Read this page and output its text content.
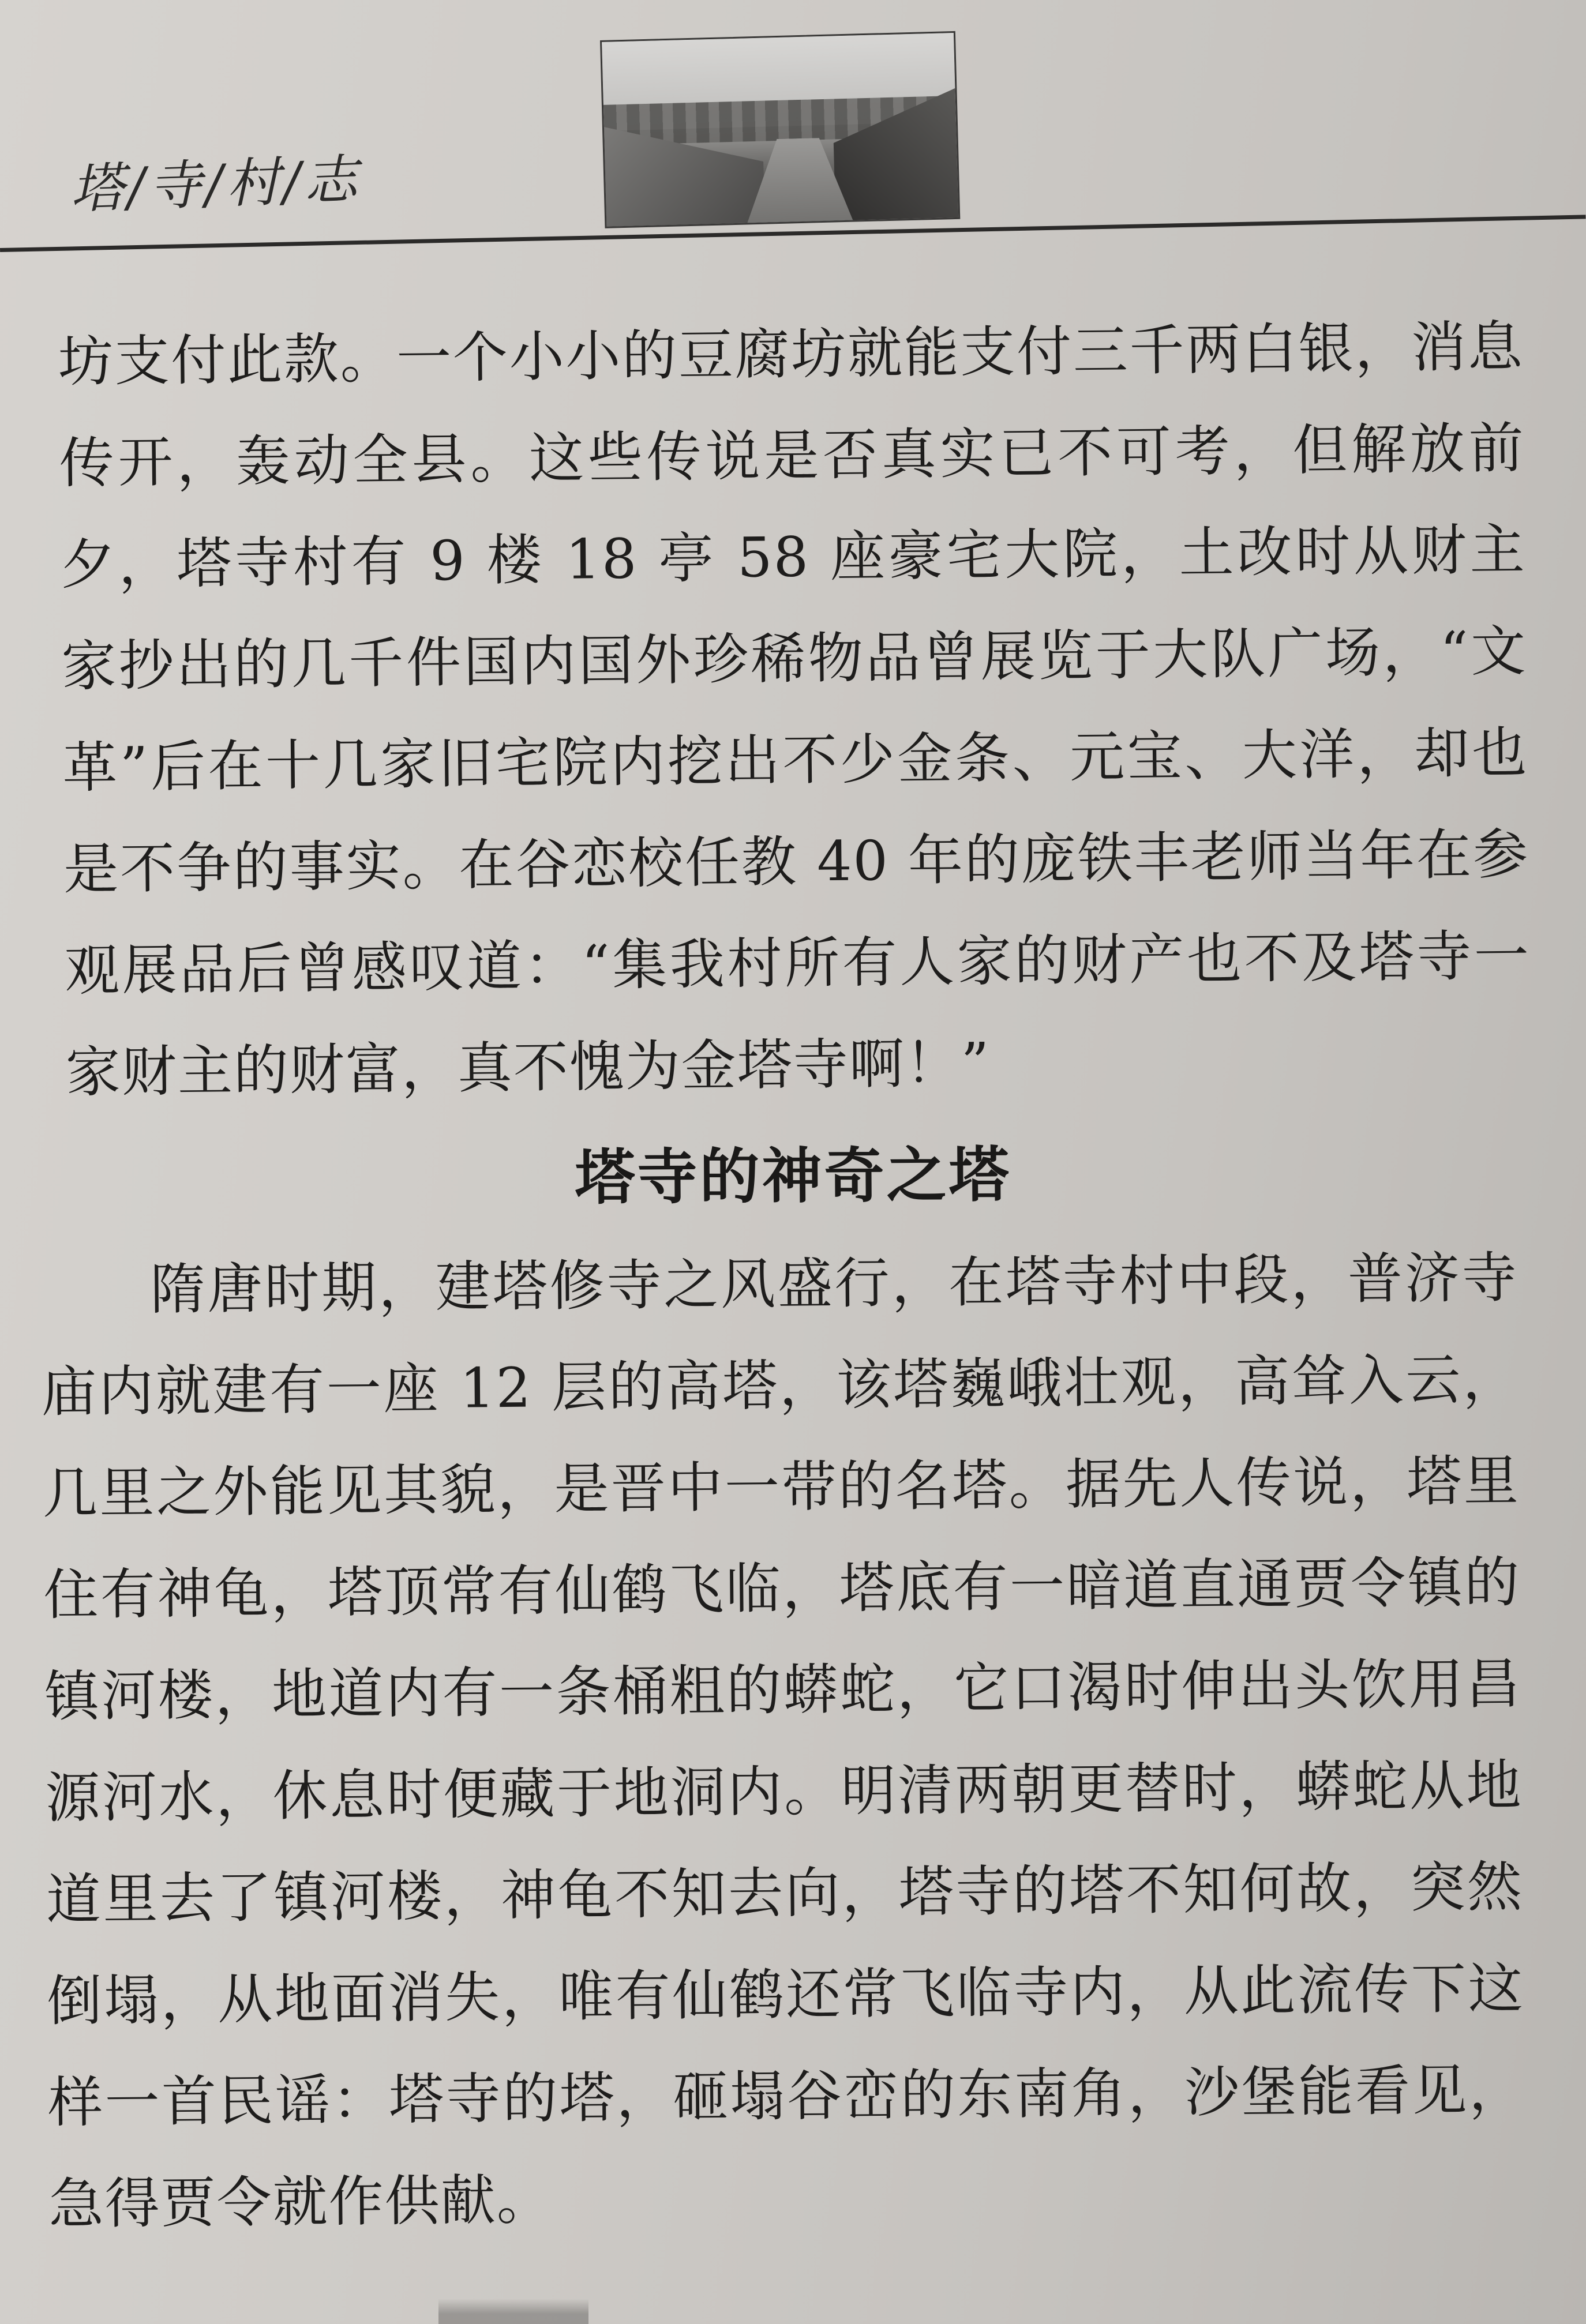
塔/寺/村/志
坊支付此款。一个小小的豆腐坊就能支付三千两白银，消息传开，轰动全县。这些传说是否真实已不可考，但解放前夕，塔寺村有 9 楼 18 亭 58 座豪宅大院，土改时从财主家抄出的几千件国内国外珍稀物品曾展览于大队广场，“文革”后在十几家旧宅院内挖出不少金条、元宝、大洋，却也是不争的事实。在谷恋校任教 40 年的庞铁丰老师当年在参观展品后曾感叹道：“集我村所有人家的财产也不及塔寺一家财主的财富，真不愧为金塔寺啊！”
塔寺的神奇之塔
隋唐时期，建塔修寺之风盛行，在塔寺村中段，普济寺庙内就建有一座 12 层的高塔，该塔巍峨壮观，高耸入云，几里之外能见其貌，是晋中一带的名塔。据先人传说，塔里住有神龟，塔顶常有仙鹤飞临，塔底有一暗道直通贾令镇的镇河楼，地道内有一条桶粗的蟒蛇，它口渴时伸出头饮用昌源河水，休息时便藏于地洞内。明清两朝更替时，蟒蛇从地道里去了镇河楼，神龟不知去向，塔寺的塔不知何故，突然倒塌，从地面消失，唯有仙鹤还常飞临寺内，从此流传下这样一首民谣：塔寺的塔，砸塌谷峦的东南角，沙堡能看见，急得贾令就作供献。
